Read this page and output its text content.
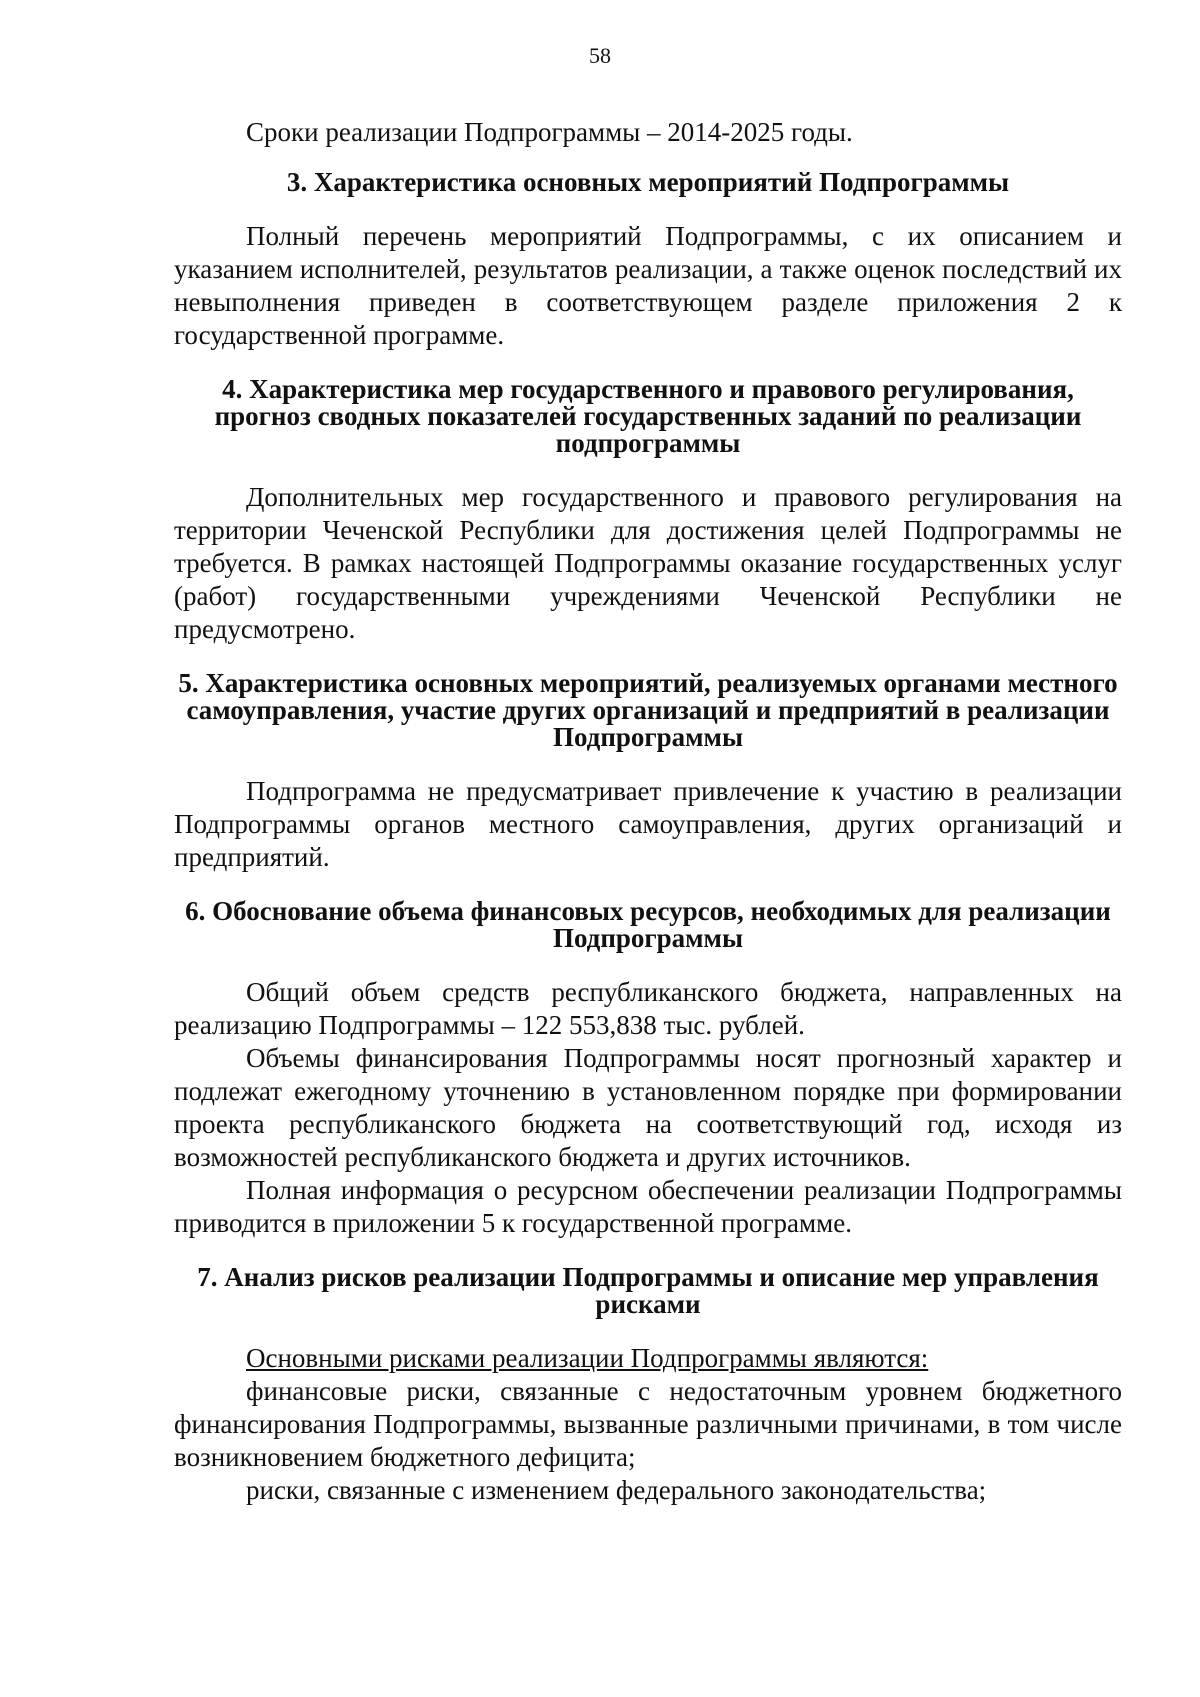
58

Сроки реализации Подпрограммы – 2014-2025 годы.

3. Характеристика основных мероприятий Подпрограммы

Полный перечень мероприятий Подпрограммы, с их описанием и указанием исполнителей, результатов реализации, а также оценок последствий их невыполнения приведен в соответствующем разделе приложения 2 к государственной программе.

4. Характеристика мер государственного и правового регулирования, прогноз сводных показателей государственных заданий по реализации подпрограммы

Дополнительных мер государственного и правового регулирования на территории Чеченской Республики для достижения целей Подпрограммы не требуется. В рамках настоящей Подпрограммы оказание государственных услуг (работ) государственными учреждениями Чеченской Республики не предусмотрено.

5. Характеристика основных мероприятий, реализуемых органами местного самоуправления, участие других организаций и предприятий в реализации Подпрограммы

Подпрограмма не предусматривает привлечение к участию в реализации Подпрограммы органов местного самоуправления, других организаций и предприятий.

6. Обоснование объема финансовых ресурсов, необходимых для реализации Подпрограммы

Общий объем средств республиканского бюджета, направленных на реализацию Подпрограммы – 122 553,838 тыс. рублей.

Объемы финансирования Подпрограммы носят прогнозный характер и подлежат ежегодному уточнению в установленном порядке при формировании проекта республиканского бюджета на соответствующий год, исходя из возможностей республиканского бюджета и других источников.

Полная информация о ресурсном обеспечении реализации Подпрограммы приводится в приложении 5 к государственной программе.

7. Анализ рисков реализации Подпрограммы и описание мер управления рисками

Основными рисками реализации Подпрограммы являются:

финансовые риски, связанные с недостаточным уровнем бюджетного финансирования Подпрограммы, вызванные различными причинами, в том числе возникновением бюджетного дефицита;

риски, связанные с изменением федерального законодательства;
